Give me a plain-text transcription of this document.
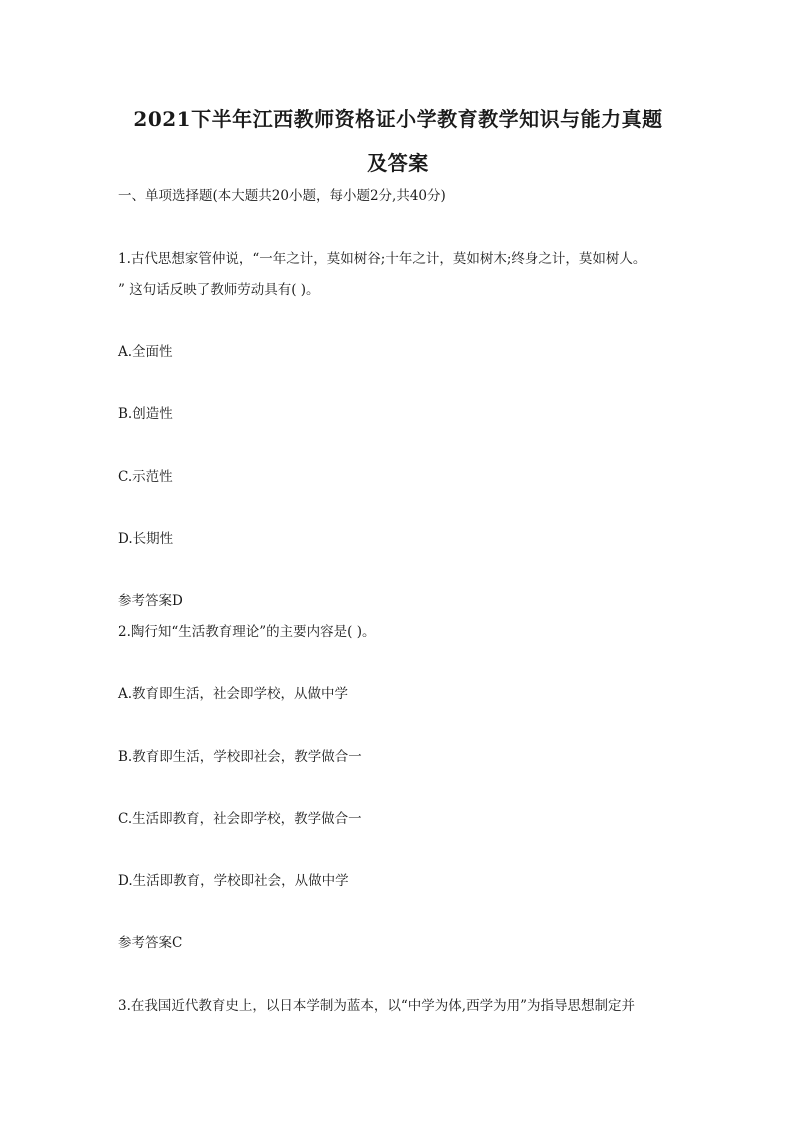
2021下半年江西教师资格证小学教育教学知识与能力真题
及答案
一、单项选择题(本大题共20小题，每小题2分,共40分)
1.古代思想家管仲说，“一年之计，莫如树谷;十年之计，莫如树木;终身之计，莫如树人。
” 这句话反映了教师劳动具有( )。
A.全面性
B.创造性
C.示范性
D.长期性
参考答案D
2.陶行知“生活教育理论”的主要内容是( )。
A.教育即生活，社会即学校，从做中学
B.教育即生活，学校即社会，教学做合一
C.生活即教育，社会即学校，教学做合一
D.生活即教育，学校即社会，从做中学
参考答案C
3.在我国近代教育史上，以日本学制为蓝本，以“中学为体,西学为用”为指导思想制定并
